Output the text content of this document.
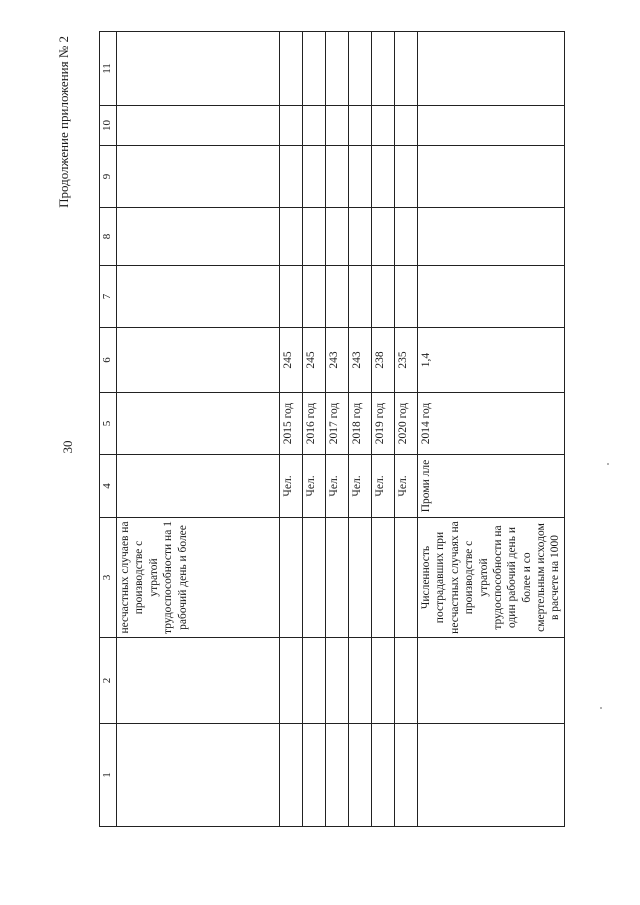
30
Продолжение приложения № 2
1	2	3	4	5	6	7	8	9	10	11
		несчастных случаев на производстве с утратой трудоспособности на 1 рабочий день и более								
			Чел.	2015 год	245					
			Чел.	2016 год	245					
			Чел.	2017 год	243					
			Чел.	2018 год	243					
			Чел.	2019 год	238					
			Чел.	2020 год	235					
		Численность пострадавших при несчастных случаях на производстве с утратой трудоспособности на один рабочий день и более и со смертельным исходом в расчете на 1000	Проми лле	2014 год	1,4					
